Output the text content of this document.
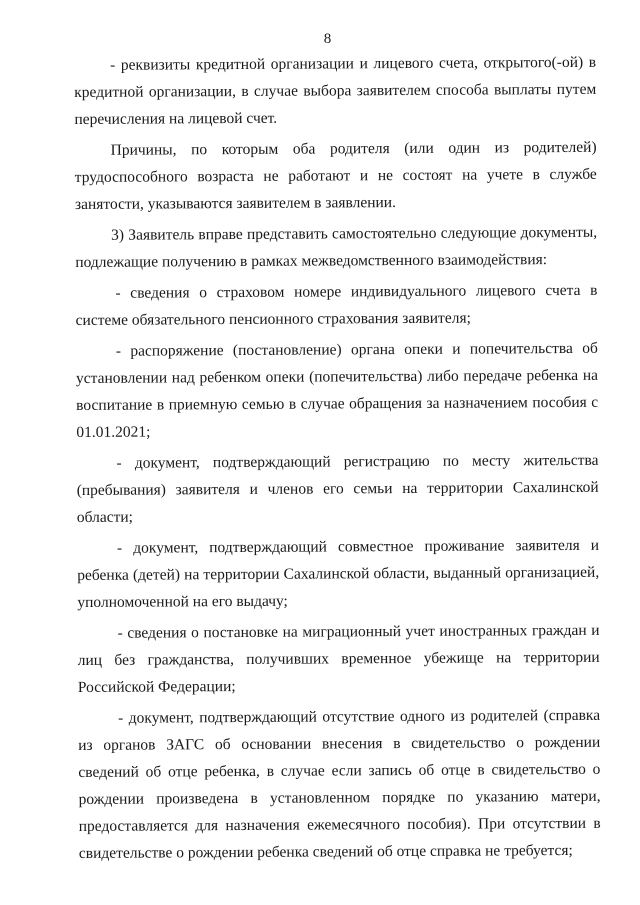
8

- реквизиты кредитной организации и лицевого счета, открытого(-ой) в кредитной организации, в случае выбора заявителем способа выплаты путем перечисления на лицевой счет.

Причины, по которым оба родителя (или один из родителей) трудоспособного возраста не работают и не состоят на учете в службе занятости, указываются заявителем в заявлении.

3) Заявитель вправе представить самостоятельно следующие документы, подлежащие получению в рамках межведомственного взаимодействия:

- сведения о страховом номере индивидуального лицевого счета в системе обязательного пенсионного страхования заявителя;

- распоряжение (постановление) органа опеки и попечительства об установлении над ребенком опеки (попечительства) либо передаче ребенка на воспитание в приемную семью в случае обращения за назначением пособия с 01.01.2021;

- документ, подтверждающий регистрацию по месту жительства (пребывания) заявителя и членов его семьи на территории Сахалинской области;

- документ, подтверждающий совместное проживание заявителя и ребенка (детей) на территории Сахалинской области, выданный организацией, уполномоченной на его выдачу;

- сведения о постановке на миграционный учет иностранных граждан и лиц без гражданства, получивших временное убежище на территории Российской Федерации;

- документ, подтверждающий отсутствие одного из родителей (справка из органов ЗАГС об основании внесения в свидетельство о рождении сведений об отце ребенка, в случае если запись об отце в свидетельство о рождении произведена в установленном порядке по указанию матери, предоставляется для назначения ежемесячного пособия). При отсутствии в свидетельстве о рождении ребенка сведений об отце справка не требуется;
